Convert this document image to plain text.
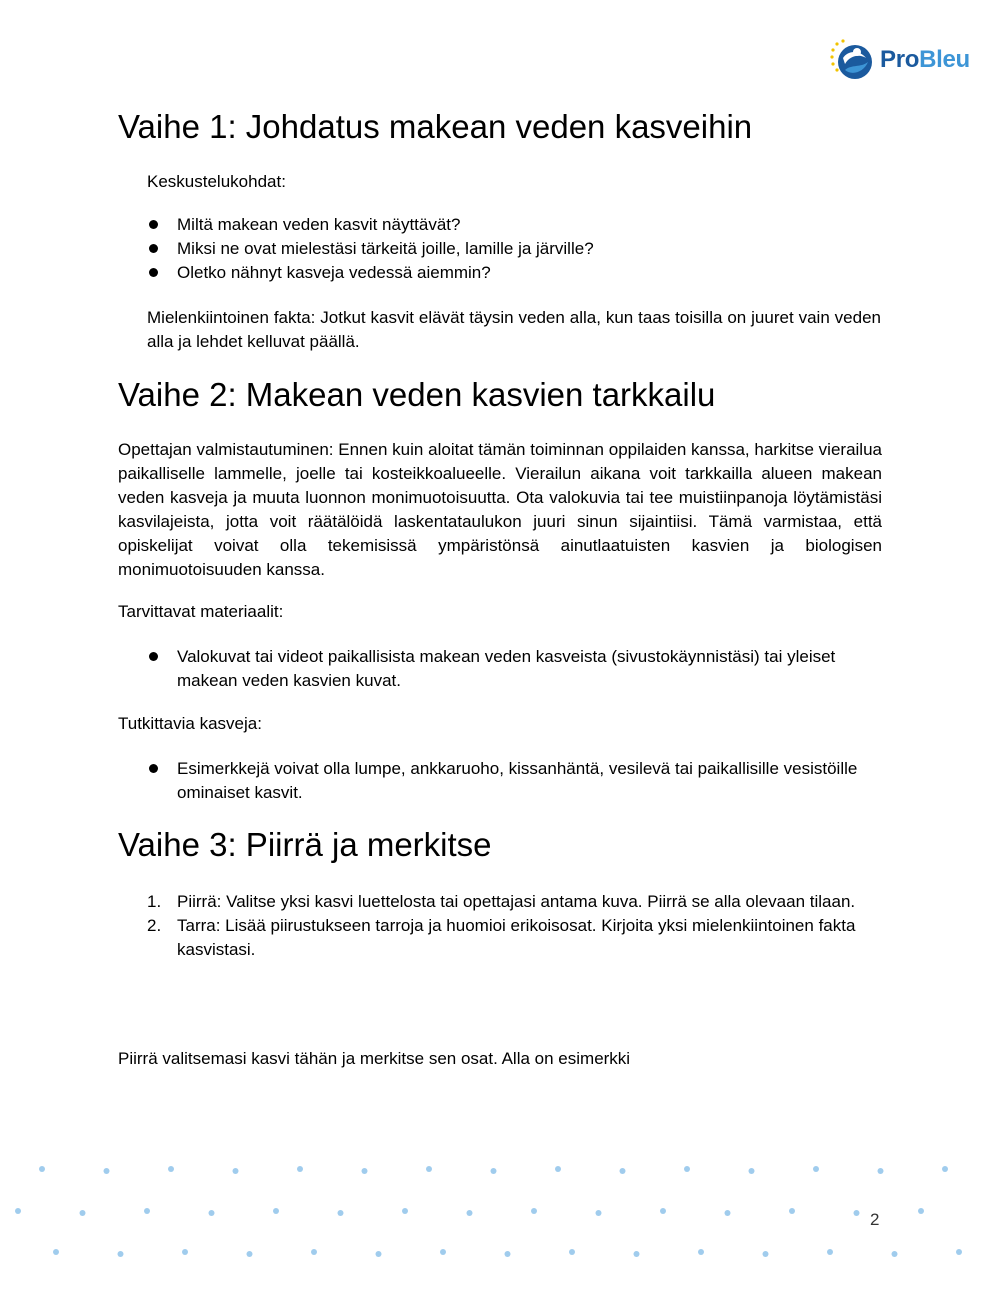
ProBleu
Vaihe 1: Johdatus makean veden kasveihin

Keskustelukohdat:

Miltä makean veden kasvit näyttävät?
Miksi ne ovat mielestäsi tärkeitä joille, lamille ja järville?
Oletko nähnyt kasveja vedessä aiemmin?

Mielenkiintoinen fakta: Jotkut kasvit elävät täysin veden alla, kun taas toisilla on juuret vain veden alla ja lehdet kelluvat päällä.

Vaihe 2: Makean veden kasvien tarkkailu

Opettajan valmistautuminen: Ennen kuin aloitat tämän toiminnan oppilaiden kanssa, harkitse vierailua paikalliselle lammelle, joelle tai kosteikkoalueelle. Vierailun aikana voit tarkkailla alueen makean veden kasveja ja muuta luonnon monimuotoisuutta. Ota valokuvia tai tee muistiinpanoja löytämistäsi kasvilajeista, jotta voit räätälöidä laskentataulukon juuri sinun sijaintiisi. Tämä varmistaa, että opiskelijat voivat olla tekemisissä ympäristönsä ainutlaatuisten kasvien ja biologisen monimuotoisuuden kanssa.

Tarvittavat materiaalit:

Valokuvat tai videot paikallisista makean veden kasveista (sivustokäynnistäsi) tai yleiset makean veden kasvien kuvat.

Tutkittavia kasveja:

Esimerkkejä voivat olla lumpe, ankkaruoho, kissanhäntä, vesilevä tai paikallisille vesistöille ominaiset kasvit.
Vaihe 3: Piirrä ja merkitse
1. Piirrä: Valitse yksi kasvi luettelosta tai opettajasi antama kuva. Piirrä se alla olevaan tilaan.
2. Tarra: Lisää piirustukseen tarroja ja huomioi erikoisosat. Kirjoita yksi mielenkiintoinen fakta kasvistasi.

Piirrä valitsemasi kasvi tähän ja merkitse sen osat. Alla on esimerkki

2
